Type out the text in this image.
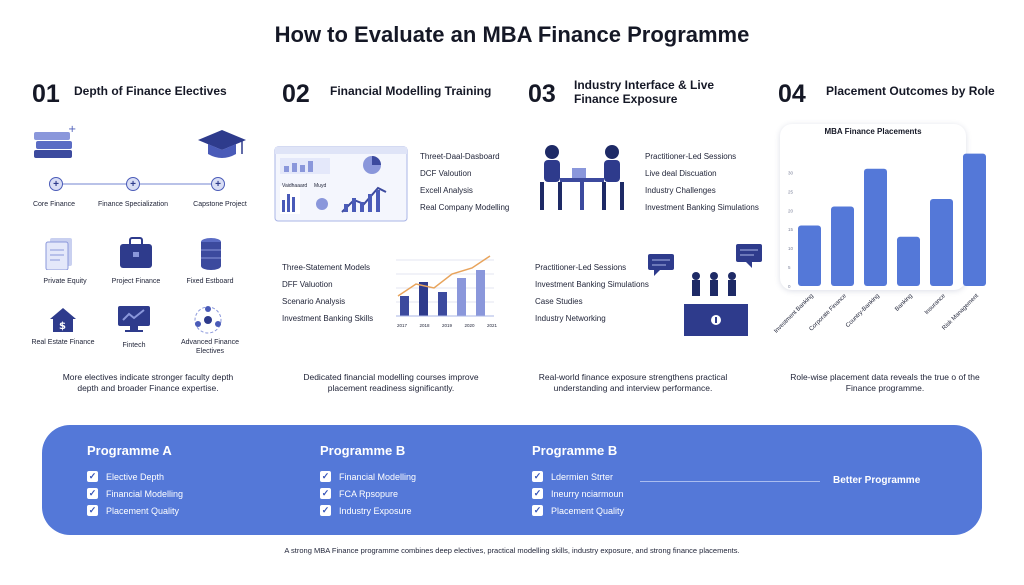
How to Evaluate an MBA Finance Programme
01 Depth of Finance Electives
+
+	+	+
Core Finance	Finance Specialization	Capstone Project
Private Equity	Project Finance	Fixed Estboard
$
Real Estate Finance	Fintech	Advanced Finance Electives
More electives indicate stronger faculty depth depth and broader Finance expertise.
02 Financial Modelling Training
Vaidhaaard Muyd
Threet-Daal-Dasboard
DCF Valoution
Excell Analysis
Real Company Modelling
Three-Statement Models
DFF Valuotion
Scenario Analysis
Investment Banking Skills
2017	2018	2019	2020	2021
Dedicated financial modelling courses improve placement readiness significantly.
03 Industry Interface & Live Finance Exposure
Practitioner-Led Sessions
Live deal Discuation
Industry Challenges
Investment Banking Simulations
Practitioner-Led Sessions
Investment Banking Simulations
Case Studies
Industry Networking
Real-world finance exposure strengthens practical understanding and interview performance.
04 Placement Outcomes by Role
MBA Finance Placements
0
5
10
15
20
25
30
Investment Banking
Corporate Finance
Country-Banking Banking Insurance
Risk Management
Role-wise placement data reveals the true o of the Finance programme.
Programme A
✓ Elective Depth
✓ Financial Modelling
✓ Placement Quality
Programme B
✓ Financial Modelling
✓ FCA Rpsopure
✓ Industry Exposure
Programme B
✓ Ldermien Strter
✓ Ineurry nciarmoun
✓ Placement Quality
Better Programme
A strong MBA Finance programme combines deep electives, practical modelling skills, industry exposure, and strong finance placements.
